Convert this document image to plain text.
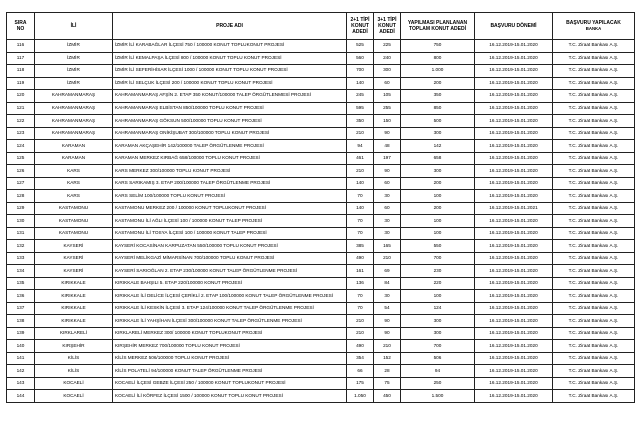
SIRA
NO	İLİ	PROJE ADI	2+1 TİPİ KONUT ADEDİ	3+1 TİPİ KONUT ADEDİ	YAPILMASI PLANLANAN TOPLAM KONUT ADEDİ	BAŞVURU DÖNEMİ	BAŞVURU YAPILACAK
BANKA

116	İZMİR	İZMİR İLİ KARABAĞLAR İLÇESİ 750 / 100000 KONUT TOPLUKONUT PROJESİ	525	225	750	16.12.2019-15.01.2020	T.C. Ziraat Bankası A.Ş.
117	İZMİR	İZMİR İLİ KEMALPAŞA İLÇESİ 800 / 100000 KONUT TOPLU KONUT PROJESİ	560	240	800	16.12.2019-15.01.2020	T.C. Ziraat Bankası A.Ş.
118	İZMİR	İZMİR İLİ SEFERİHİSAR İLÇESİ 1000 / 100000 KONUT TOPLU KONUT PROJESİ	700	300	1.000	16.12.2019-15.01.2020	T.C. Ziraat Bankası A.Ş.
119	İZMİR	İZMİR İLİ SELÇUK İLÇESİ 200 / 100000 KONUT TOPLU KONUT PROJESİ	140	60	200	16.12.2019-15.01.2020	T.C. Ziraat Bankası A.Ş.
120	KAHRAMANMARAŞ	KAHRAMANMARAŞ AFŞİN 2. ETAP 350 KONUT/100000 TALEP ÖRGÜTLENMESİ PROJESİ	245	105	350	16.12.2019-15.01.2020	T.C. Ziraat Bankası A.Ş.
121	KAHRAMANMARAŞ	KAHRAMANMARAŞ ELBİSTAN 850/100000 TOPLU KONUT PROJESİ	595	255	850	16.12.2019-15.01.2020	T.C. Ziraat Bankası A.Ş.
122	KAHRAMANMARAŞ	KAHRAMANMARAŞ GÖKSUN 500/100000 TOPLU KONUT PROJESİ	350	150	500	16.12.2019-15.01.2020	T.C. Ziraat Bankası A.Ş.
123	KAHRAMANMARAŞ	KAHRAMANMARAŞ ONİKİŞUBAT 300/100000 TOPLU KONUT PROJESİ	210	90	300	16.12.2019-15.01.2020	T.C. Ziraat Bankası A.Ş.
124	KARAMAN	KARAMAN AKÇAŞEHİR 142/100000 TALEP ÖRGÜTLENME PROJESİ	94	48	142	16.12.2019-15.01.2020	T.C. Ziraat Bankası A.Ş.
125	KARAMAN	KARAMAN MERKEZ KIRBAĞ 658/100000 TOPLU KONUT PROJESİ	461	197	658	16.12.2019-15.01.2020	T.C. Ziraat Bankası A.Ş.
126	KARS	KARS MERKEZ 300/100000 TOPLU KONUT PROJESİ	210	90	300	16.12.2019-15.01.2020	T.C. Ziraat Bankası A.Ş.
127	KARS	KARS SARIKAMIŞ 3. ETAP 200/100000 TALEP ÖRGÜTLENME PROJESİ	140	60	200	16.12.2019-15.01.2020	T.C. Ziraat Bankası A.Ş.
128	KARS	KARS SELİM 100/100000 TOPLU KONUT PROJESİ	70	30	100	16.12.2019-15.01.2020	T.C. Ziraat Bankası A.Ş.
129	KASTAMONU	KASTAMONU MERKEZ 200 / 100000 KONUT TOPLUKONUT PROJESİ	140	60	200	16.12.2019-15.01.2021	T.C. Ziraat Bankası A.Ş.
130	KASTAMONU	KASTAMONU İLİ AĞLI İLÇESİ 100 / 100000 KONUT TALEP PROJESİ	70	30	100	16.12.2019-15.01.2020	T.C. Ziraat Bankası A.Ş.
131	KASTAMONU	KASTAMONU İLİ TOSYA İLÇESİ 100 / 100000 KONUT TALEP PROJESİ	70	30	100	16.12.2019-15.01.2020	T.C. Ziraat Bankası A.Ş.
132	KAYSERİ	KAYSERİ KOCASİNAN KARPUZATAN 550/100000 TOPLU KONUT PROJESİ	385	165	550	16.12.2019-15.01.2020	T.C. Ziraat Bankası A.Ş.
133	KAYSERİ	KAYSERİ MELİKGAZİ MİMARSİNAN 700/100000 TOPLU KONUT PROJESİ	490	210	700	16.12.2019-15.01.2020	T.C. Ziraat Bankası A.Ş.
134	KAYSERİ	KAYSERİ SARIOĞLAN 2. ETAP 230/100000 KONUT TALEP ÖRGÜTLENME PROJESİ	161	69	230	16.12.2019-15.01.2020	T.C. Ziraat Bankası A.Ş.
135	KIRIKKALE	KIRIKKALE BAHŞILI 5. ETAP 220/100000 KONUT PROJESİ	136	84	220	16.12.2019-15.01.2020	T.C. Ziraat Bankası A.Ş.
136	KIRIKKALE	KIRIKKALE İLİ DELİCE İLÇESİ ÇERİKLİ 2. ETAP 100/100000 KONUT TALEP ÖRGÜTLENME PROJESİ	70	30	100	16.12.2019-15.01.2020	T.C. Ziraat Bankası A.Ş.
137	KIRIKKALE	KIRIKKALE İLİ KESKİN İLÇESİ 3. ETAP 124/100000 KONUT TALEP ÖRGÜTLENME PROJESİ	70	54	124	16.12.2019-15.01.2020	T.C. Ziraat Bankası A.Ş.
138	KIRIKKALE	KIRIKKALE İLİ YAHŞİHAN İLÇESİ 300/100000 KONUT TALEP ÖRGÜTLENME PROJESİ	210	90	300	16.12.2019-15.01.2020	T.C. Ziraat Bankası A.Ş.
139	KIRKLARELİ	KIRKLARELİ MERKEZ 300/ 100000 KONUT TOPLUKONUT PROJESİ	210	90	300	16.12.2019-15.01.2020	T.C. Ziraat Bankası A.Ş.
140	KIRŞEHİR	KIRŞEHİR MERKEZ 700/100000 TOPLU KONUT PROJESİ	490	210	700	16.12.2019-15.01.2020	T.C. Ziraat Bankası A.Ş.
141	KİLİS	KİLİS MERKEZ 506/100000 TOPLU KONUT PROJESİ	354	152	506	16.12.2019-15.01.2020	T.C. Ziraat Bankası A.Ş.
142	KİLİS	KİLİS POLATELİ 94/100000 KONUT TALEP ÖRGÜTLENME PROJESİ	66	28	94	16.12.2019-15.01.2020	T.C. Ziraat Bankası A.Ş.
143	KOCAELİ	KOCAELİ İLÇESİ GEBZE İLÇESİ 250 / 100000 KONUT TOPLUKONUT PROJESİ	175	75	250	16.12.2019-15.01.2020	T.C. Ziraat Bankası A.Ş.
144	KOCAELİ	KOCAELİ İLİ KÖRFEZ İLÇESİ 1500 / 100000 KONUT TOPLU KONUT PROJESİ	1.050	450	1.500	16.12.2019-15.01.2020	T.C. Ziraat Bankası A.Ş.
